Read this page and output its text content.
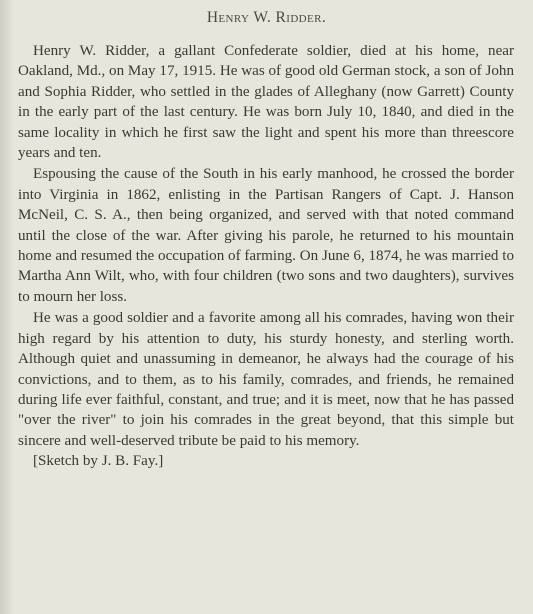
Henry W. Ridder.

Henry W. Ridder, a gallant Confederate soldier, died at his home, near Oakland, Md., on May 17, 1915. He was of good old German stock, a son of John and Sophia Ridder, who settled in the glades of Alleghany (now Garrett) County in the early part of the last century. He was born July 10, 1840, and died in the same locality in which he first saw the light and spent his more than threescore years and ten.

Espousing the cause of the South in his early manhood, he crossed the border into Virginia in 1862, enlisting in the Partisan Rangers of Capt. J. Hanson McNeil, C. S. A., then being organized, and served with that noted command until the close of the war. After giving his parole, he returned to his mountain home and resumed the occupation of farming. On June 6, 1874, he was married to Martha Ann Wilt, who, with four children (two sons and two daughters), survives to mourn her loss.

He was a good soldier and a favorite among all his comrades, having won their high regard by his attention to duty, his sturdy honesty, and sterling worth. Although quiet and unassuming in demeanor, he always had the courage of his convictions, and to them, as to his family, comrades, and friends, he remained during life ever faithful, constant, and true; and it is meet, now that he has passed "over the river" to join his comrades in the great beyond, that this simple but sincere and well-deserved tribute be paid to his memory.

[Sketch by J. B. Fay.]
